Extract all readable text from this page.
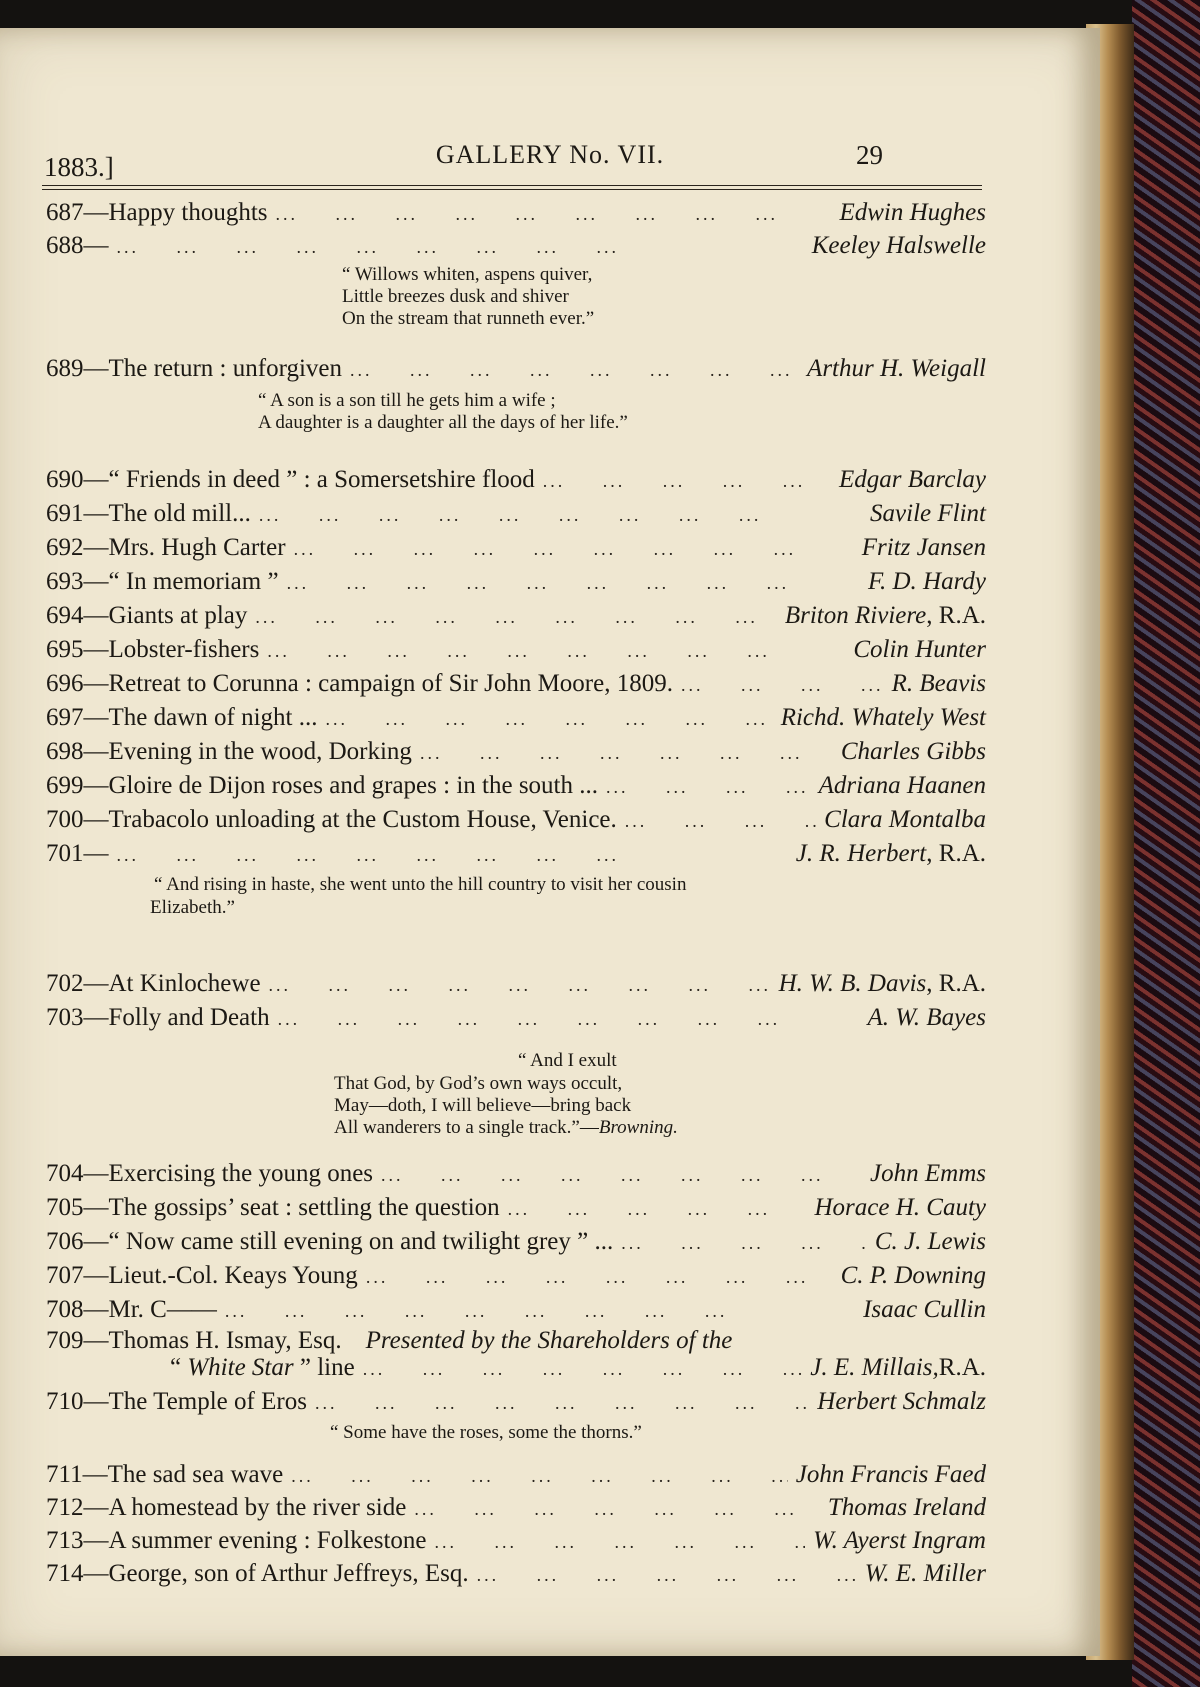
1883.]	GALLERY No. VII.	29
687—Happy thoughts ...	Edwin Hughes
688— ...	Keeley Halswelle
“ Willows whiten, aspens quiver,
Little breezes dusk and shiver
On the stream that runneth ever.”
689—The return : unforgiven ...	Arthur H. Weigall
“ A son is a son till he gets him a wife ;
A daughter is a daughter all the days of her life.”
690—“ Friends in deed ” : a Somersetshire flood ...	Edgar Barclay
691—The old mill... ...	Savile Flint
692—Mrs. Hugh Carter ...	Fritz Jansen
693—“ In memoriam ” ...	F. D. Hardy
694—Giants at play ...	Briton Riviere, R.A.
695—Lobster-fishers ...	Colin Hunter
696—Retreat to Corunna : campaign of Sir John Moore, 1809. ...	R. Beavis
697—The dawn of night ... ...	Richd. Whately West
698—Evening in the wood, Dorking ...	Charles Gibbs
699—Gloire de Dijon roses and grapes : in the south ... ...	Adriana Haanen
700—Trabacolo unloading at the Custom House, Venice. ...	Clara Montalba
701— ...	J. R. Herbert, R.A.
“ And rising in haste, she went unto the hill country to visit her cousin
Elizabeth.”
702—At Kinlochewe ...	H. W. B. Davis, R.A.
703—Folly and Death ...	A. W. Bayes
“ And I exult
That God, by God’s own ways occult,
May—doth, I will believe—bring back
All wanderers to a single track.”—Browning.
704—Exercising the young ones ...	John Emms
705—The gossips’ seat : settling the question ...	Horace H. Cauty
706—“ Now came still evening on and twilight grey ” ... ...	C. J. Lewis
707—Lieut.-Col. Keays Young ...	C. P. Downing
708—Mr. C—— ...	Isaac Cullin
709—Thomas H. Ismay, Esq. Presented by the Shareholders of the
“ White Star ” line ...	J. E. Millais,R.A.
710—The Temple of Eros ...	Herbert Schmalz
“ Some have the roses, some the thorns.”
711—The sad sea wave ...	John Francis Faed
712—A homestead by the river side ...	Thomas Ireland
713—A summer evening : Folkestone ...	W. Ayerst Ingram
714—George, son of Arthur Jeffreys, Esq. ...	W. E. Miller
